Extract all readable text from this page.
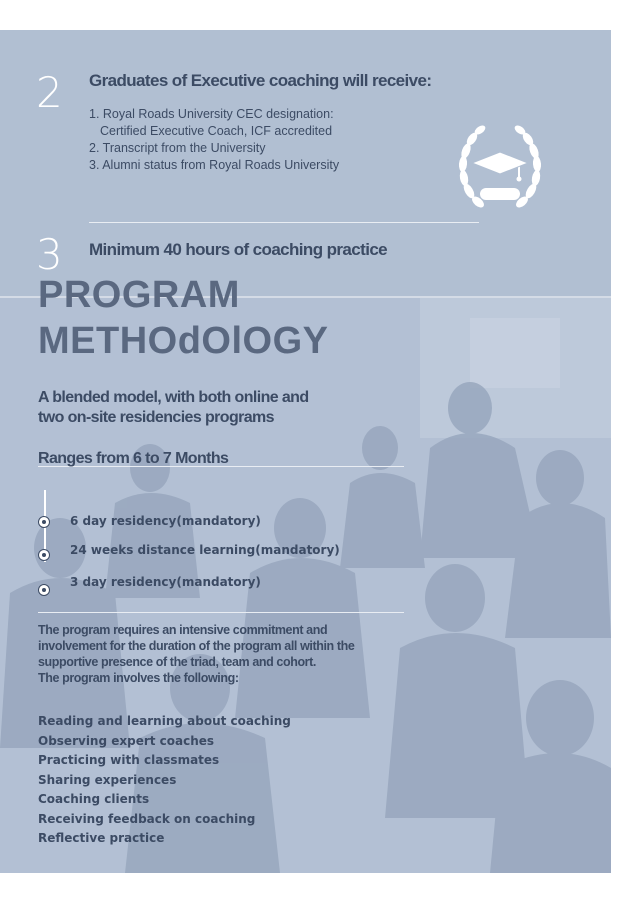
2 Graduates of Executive coaching will receive:
1. Royal Roads University CEC designation:
Certified Executive Coach, ICF accredited
2. Transcript from the University
3. Alumni status from Royal Roads University
3 Minimum 40 hours of coaching practice
PROGRAM
METHOdOlOGY
A blended model, with both online and
two on-site residencies programs
Ranges from 6 to 7 Months
6 day residency(mandatory)
24 weeks distance learning(mandatory)
3 day residency(mandatory)
The program requires an intensive commitment and
involvement for the duration of the program all within the
supportive presence of the triad, team and cohort.
The program involves the following:
Reading and learning about coaching
Observing expert coaches
Practicing with classmates
Sharing experiences
Coaching clients
Receiving feedback on coaching
Reflective practice
